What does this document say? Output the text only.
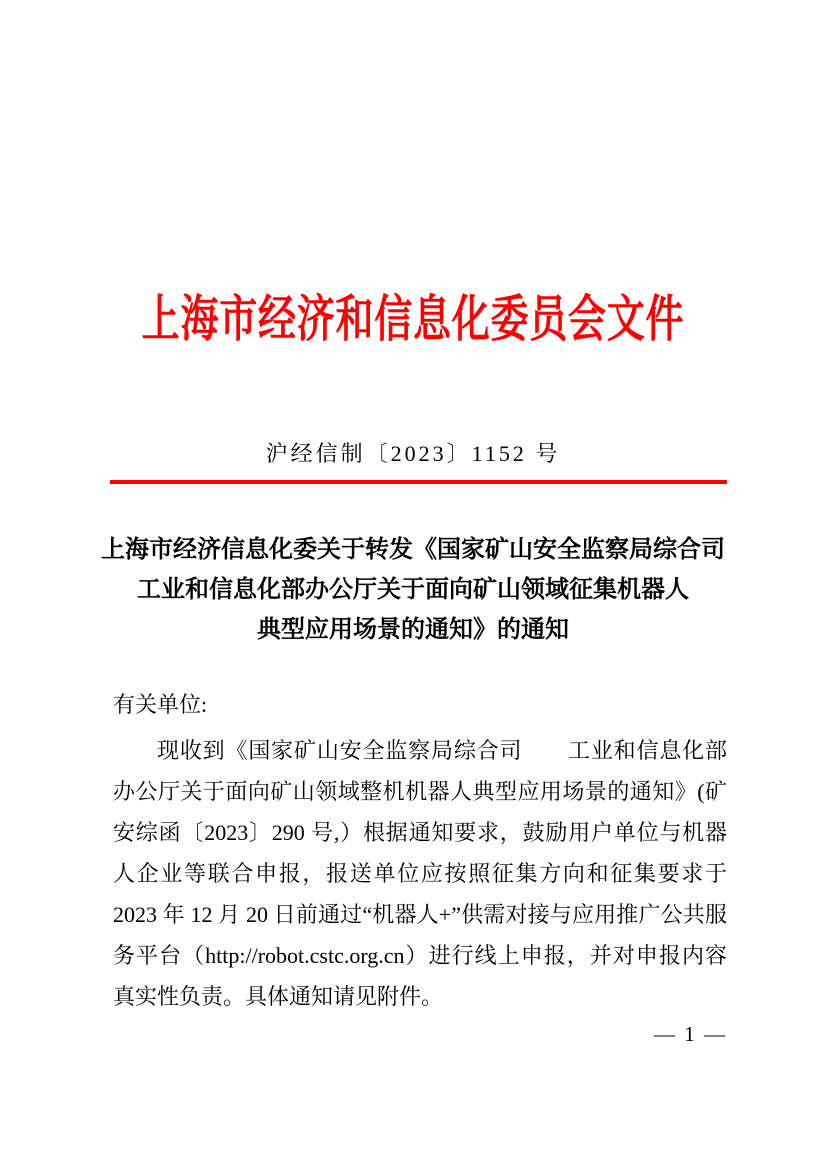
上海市经济和信息化委员会文件
沪经信制〔2023〕1152 号
上海市经济信息化委关于转发《国家矿山安全监察局综合司
工业和信息化部办公厅关于面向矿山领域征集机器人
典型应用场景的通知》的通知
有关单位:
现收到《国家矿山安全监察局综合司　　工业和信息化部办公厅关于面向矿山领域整机机器人典型应用场景的通知》(矿安综函〔2023〕290 号,）根据通知要求，鼓励用户单位与机器人企业等联合申报，报送单位应按照征集方向和征集要求于 2023 年 12 月 20 日前通过“机器人+”供需对接与应用推广公共服务平台（http://robot.cstc.org.cn）进行线上申报，并对申报内容真实性负责。具体通知请见附件。
— 1 —
